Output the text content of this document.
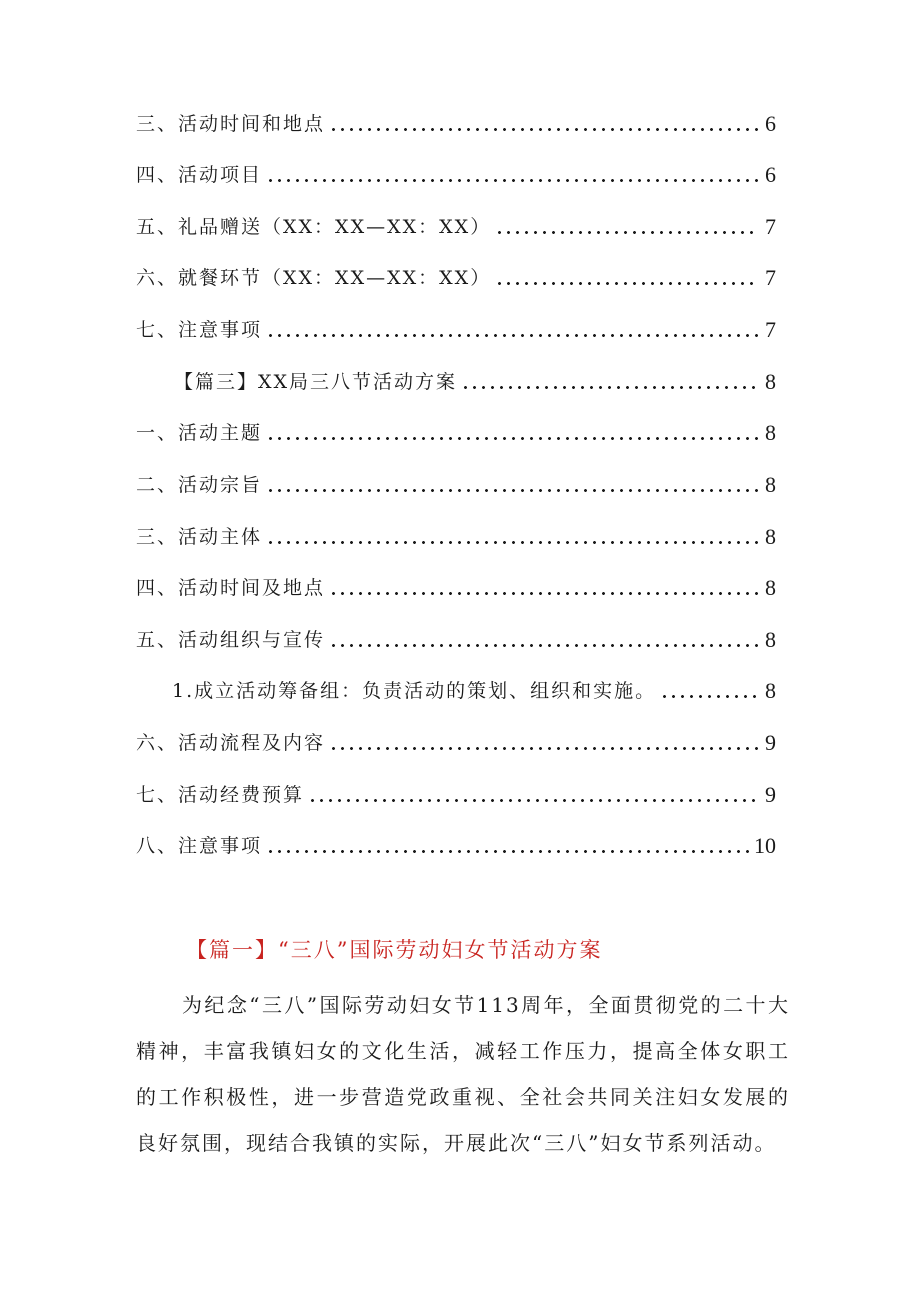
三、活动时间和地点	6
四、活动项目	6
五、礼品赠送（XX：XX—XX：XX）	7
六、就餐环节（XX：XX—XX：XX）	7
七、注意事项	7
【篇三】XX局三八节活动方案	8
一、活动主题	8
二、活动宗旨	8
三、活动主体	8
四、活动时间及地点	8
五、活动组织与宣传	8
1.成立活动筹备组：负责活动的策划、组织和实施。	8
六、活动流程及内容	9
七、活动经费预算	9
八、注意事项	10
【篇一】“三八”国际劳动妇女节活动方案
为纪念“三八”国际劳动妇女节113周年，全面贯彻党的二十大精神，丰富我镇妇女的文化生活，减轻工作压力，提高全体女职工的工作积极性，进一步营造党政重视、全社会共同关注妇女发展的良好氛围，现结合我镇的实际，开展此次“三八”妇女节系列活动。
